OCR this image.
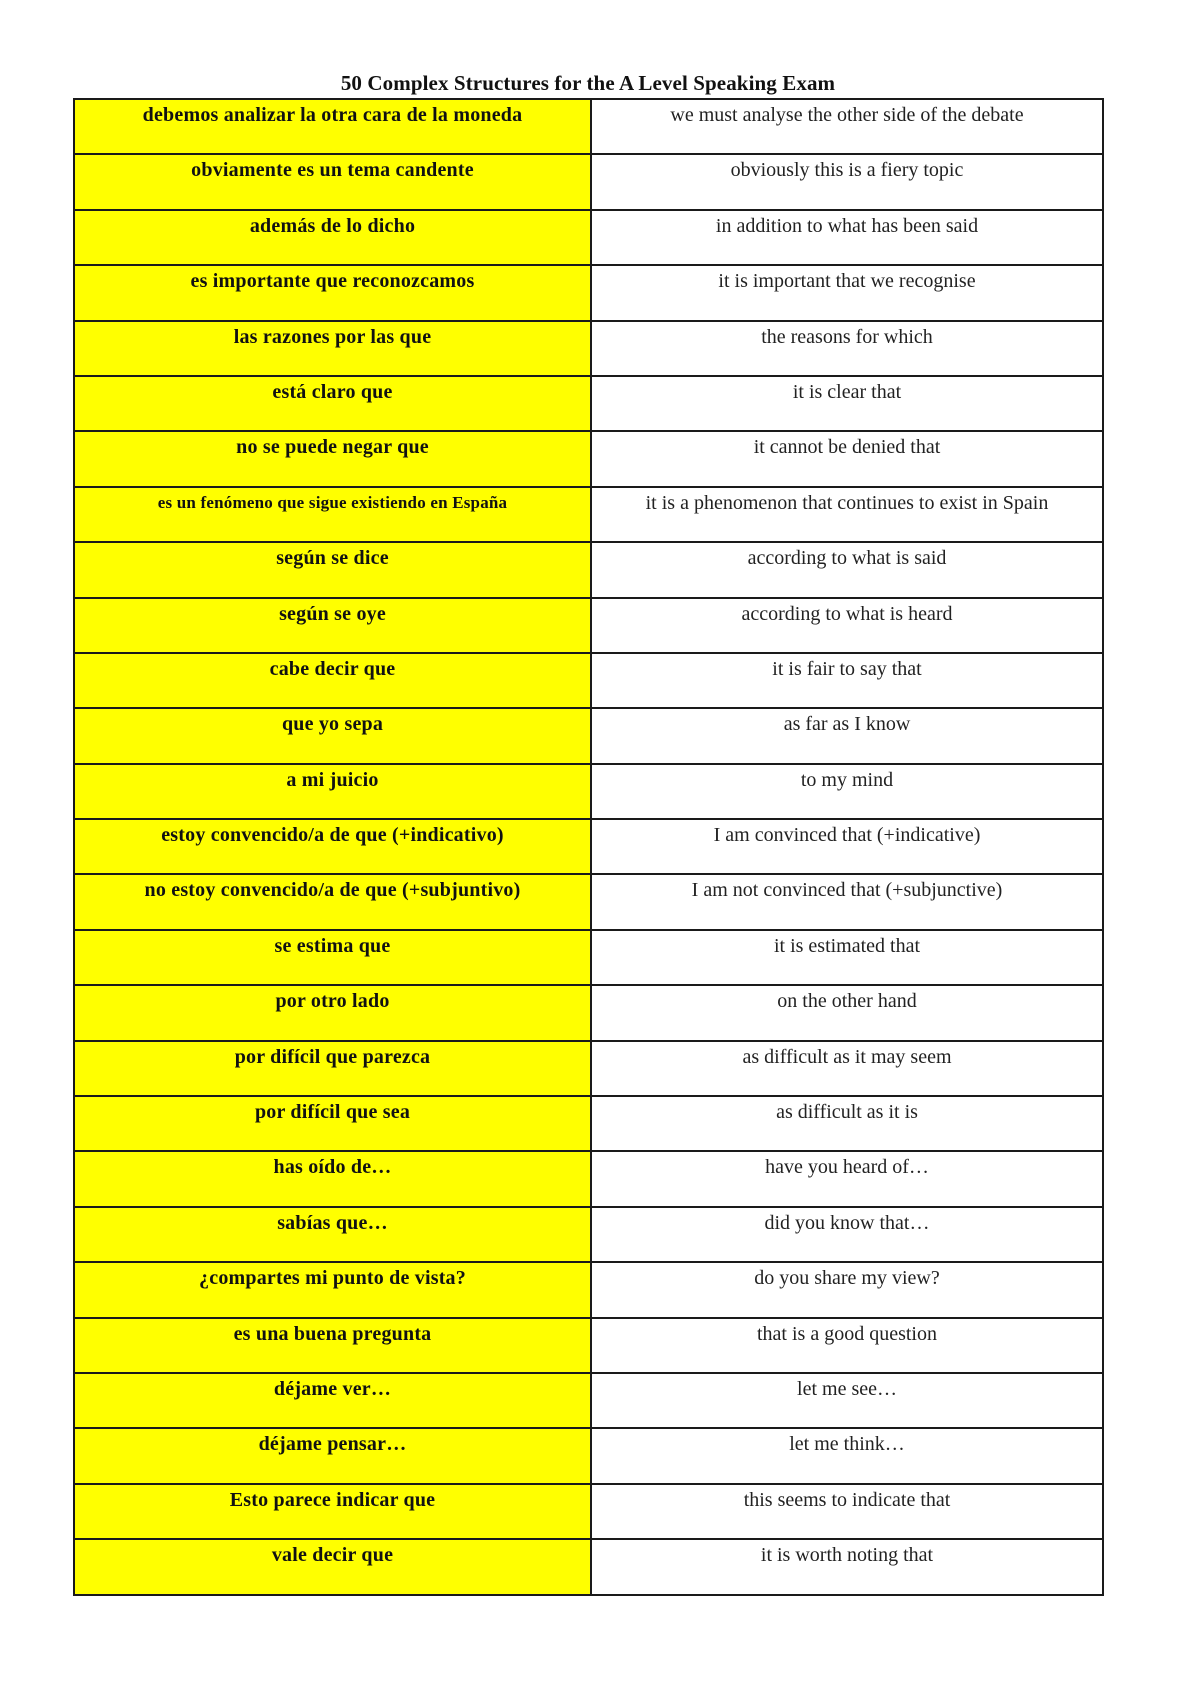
50 Complex Structures for the A Level Speaking Exam
debemos analizar la otra cara de la moneda	we must analyse the other side of the debate
obviamente es un tema candente	obviously this is a fiery topic
además de lo dicho	in addition to what has been said
es importante que reconozcamos	it is important that we recognise
las razones por las que	the reasons for which
está claro que	it is clear that
no se puede negar que	it cannot be denied that
es un fenómeno que sigue existiendo en España	it is a phenomenon that continues to exist in Spain
según se dice	according to what is said
según se oye	according to what is heard
cabe decir que	it is fair to say that
que yo sepa	as far as I know
a mi juicio	to my mind
estoy convencido/a de que (+indicativo)	I am convinced that (+indicative)
no estoy convencido/a de que (+subjuntivo)	I am not convinced that (+subjunctive)
se estima que	it is estimated that
por otro lado	on the other hand
por difícil que parezca	as difficult as it may seem
por difícil que sea	as difficult as it is
has oído de…	have you heard of…
sabías que…	did you know that…
¿compartes mi punto de vista?	do you share my view?
es una buena pregunta	that is a good question
déjame ver…	let me see…
déjame pensar…	let me think…
Esto parece indicar que	this seems to indicate that
vale decir que	it is worth noting that
